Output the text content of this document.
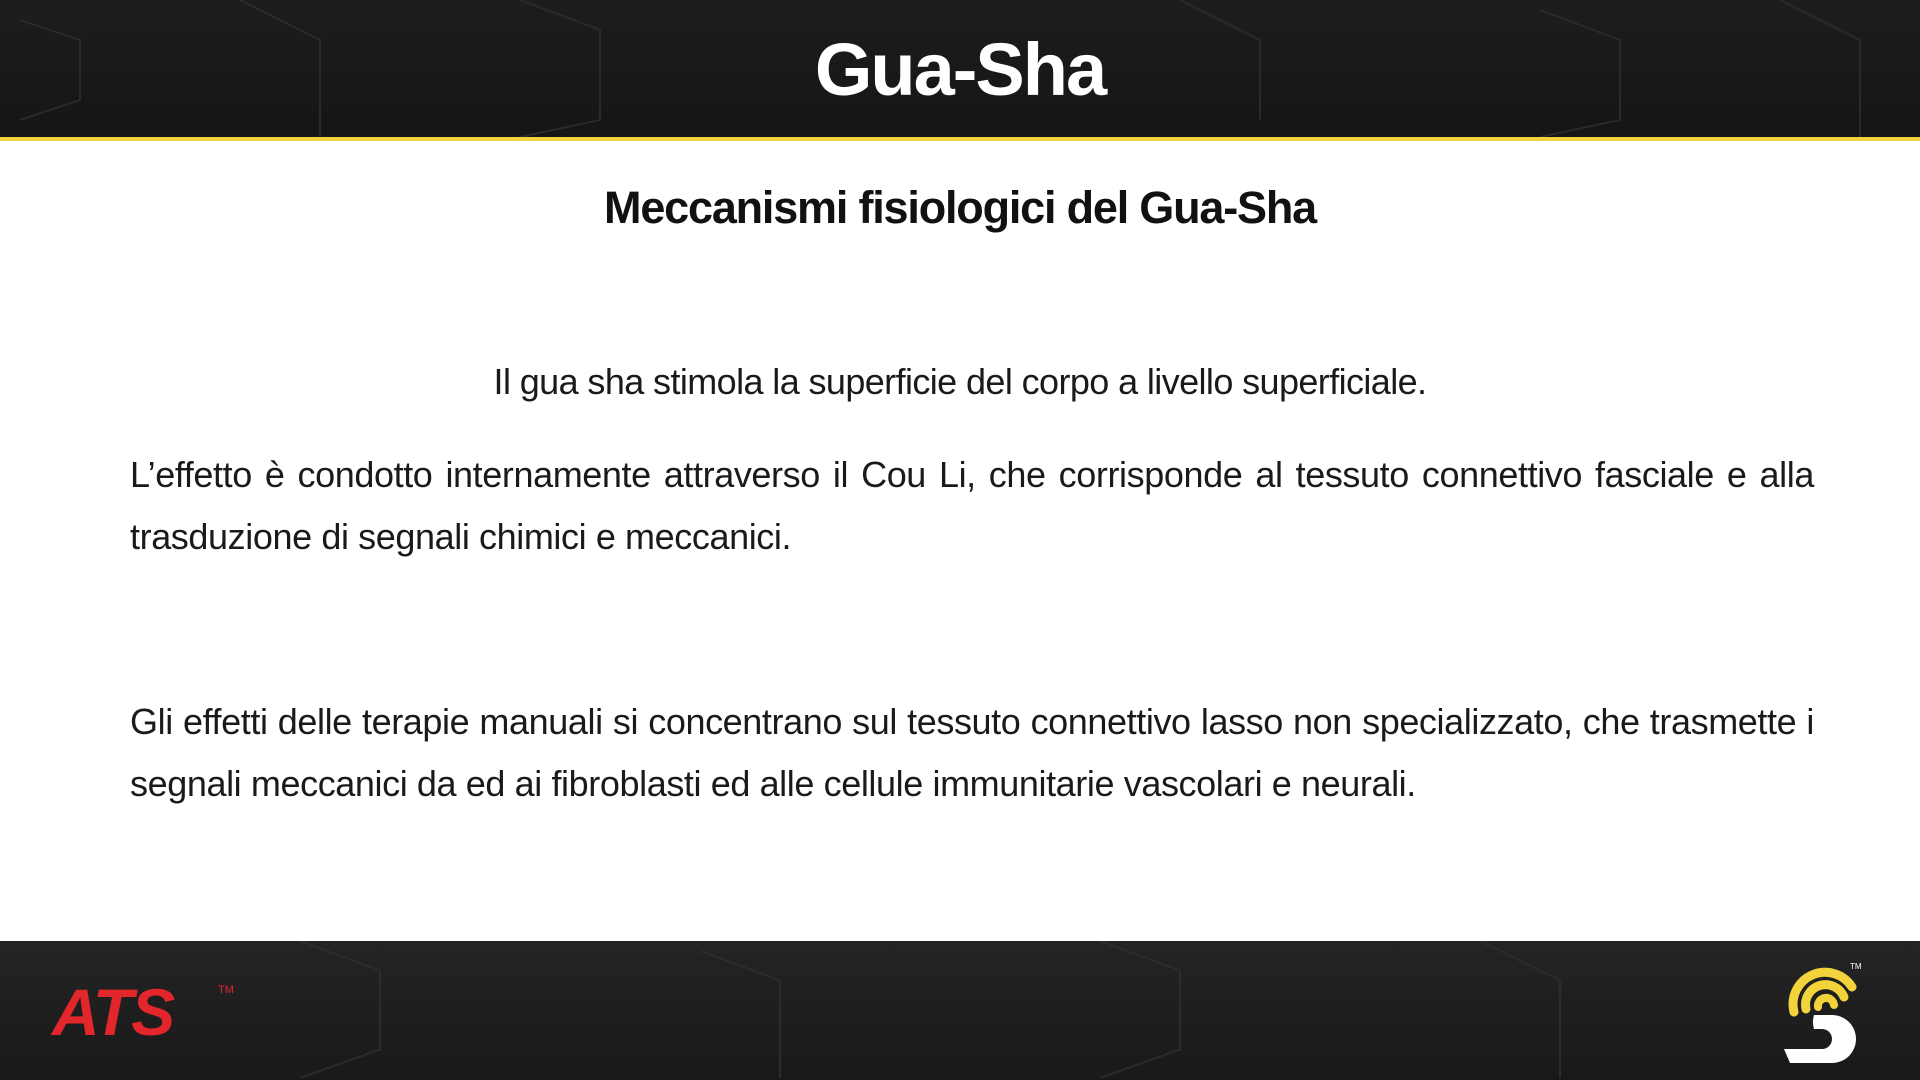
Gua-Sha
Meccanismi fisiologici del Gua-Sha
Il gua sha stimola la superficie del corpo a livello superficiale.
L’effetto è condotto internamente attraverso il Cou Li, che corrisponde al tessuto connettivo fasciale e alla trasduzione di segnali chimici e meccanici.
Gli effetti delle terapie manuali si concentrano sul tessuto connettivo lasso non specializzato, che trasmette i segnali meccanici da ed ai fibroblasti ed alle cellule immunitarie vascolari e neurali.
ATS	TM
TM
